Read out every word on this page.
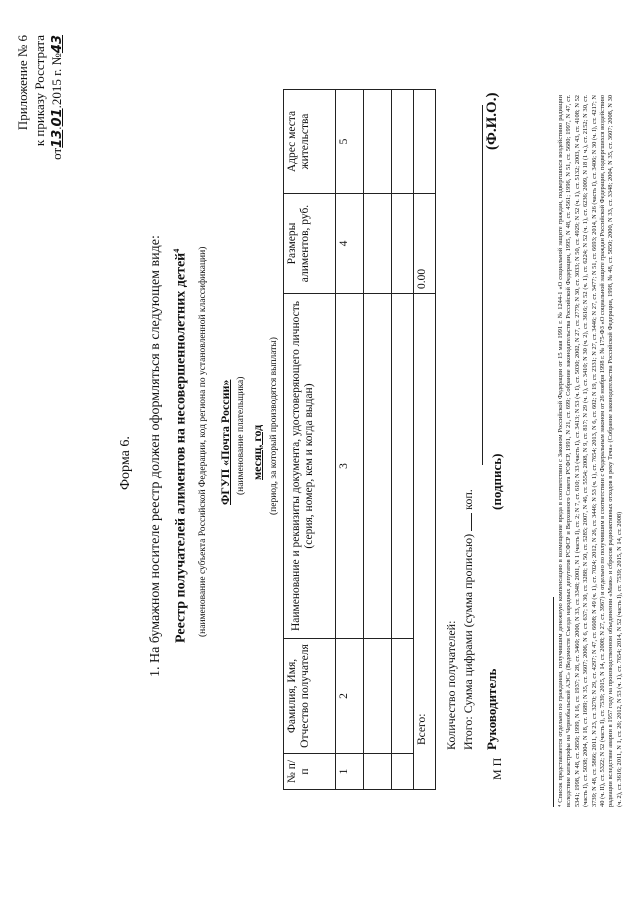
Приложение № 6 к приказу Росстрата
от13.01.2015 г. №43
Форма 6. 1. На бумажном носителе реестр должен оформляться в следующем виде: Реестр получателей алиментов на несовершеннолетних детей$^4$	(наименование субъекта Российской Федерации, код региона по установленной классификации) ФГУП «Почта России» (наименование плательщика) месяц, год (период, за который производятся выплаты)
№ п/п	Фамилия, Имя, Отчество получателя	Наименование и реквизиты документа, удостоверяющего личность (серия, номер, кем и когда выдан)	Размеры алиментов, руб.	Адрес места жительства
1	2	3	4	5

Всего:			0.00	
Количество получателей: Итого: Сумма цифрами (сумма прописью)  коп.
М П
Руководитель
(подпись)
(Ф.И.О.)	⁴ Список представляется отдельно по гражданам, получившим денежную компенсацию в возмещение вреда в соответствии с Законом Российской Федерации от 15 мая 1991 г. № 1244-1 «О социальной защите граждан, подвергшихся воздействию радиации вследствие катастрофы на Чернобыльской АЭС» (Ведомости Съезда народных депутатов РСФСР и Верховного Совета РСФСР, 1991, N 21, ст. 699; Собрание законодательства Российской Федерации, 1995, N 48, ст. 4561; 1996, N 51, ст. 5680; 1997, N 47, ст. 5341; 1998, N 48, ст. 5850; 1999, N 16, ст. 1937; N 28, ст. 3460; 2000, N 33, ст. 3348; 2001, N 1 (часть I), ст. 2; N 7, ст. 610; N 33 (часть I), ст. 3413; N 53 (ч. I), ст. 5030; 2002, N 27, ст. 2779; N 30, ст. 3033; N 50, ст. 4929; N 52 (ч. 1), ст. 5132; 2003, N 43, ст. 4108; N 52 (часть I), ст. 5038; 2004, N 18, ст. 1689; N 35, ст. 3607; 2006, N 6, ст. 637; N 30, ст. 3288; N 50, ст. 5285; 2007, N 46, ст. 5554; 2008, N 9, ст. 817; N 29 (ч. 1), ст. 3410; N 30 (ч. 2), ст. 3616; N 52 (ч. 1), ст. 6224; N 52 (ч. 1), ст. 6236; 2009, N 18 (1 ч.), ст. 2152; N 30, ст. 3739; N 48, ст. 5866; 2011, N 23, ст. 3270; N 29, ст. 4297; N 47, ст. 6608; N 49 (ч. 1), ст. 7024; 2012, N 26, ст. 3446; N 53 (ч. 1), ст. 7654; 2013, N 6, ст. 602; N 19, ст. 2331; N 27, ст. 3446; N 27, ст. 3477; N 51, ст. 6693; 2014, N 26 (часть I), ст. 3406; N 30 (ч. I), ст. 4217; N 40 (ч. II), ст. 5322; N 52 (часть I), ст. 7539; 2015, N 14, ст. 2008; N 27, ст. 3967) и отдельно по получившим в соответствии с Федеральным законом от 26 ноября 1998 г. № 175-ФЗ «О социальной защите граждан Российской Федерации, подвергшихся воздействию радиации вследствие аварии в 1957 году на производственном объединении «Маяк» и сбросов радиоактивных отходов в реку Теча» (Собрание законодательства Российской Федерации, 1998, № 48, ст. 5850; 2000, N 33, ст. 3348; 2004, N 35, ст. 3607; 2008, N 30 (ч. 2), ст. 3616; 2011, N 1, ст. 26; 2012, N 53 (ч. 1), ст. 7654; 2014, N 52 (часть I), ст. 7539; 2015, N 14, ст. 2008)
